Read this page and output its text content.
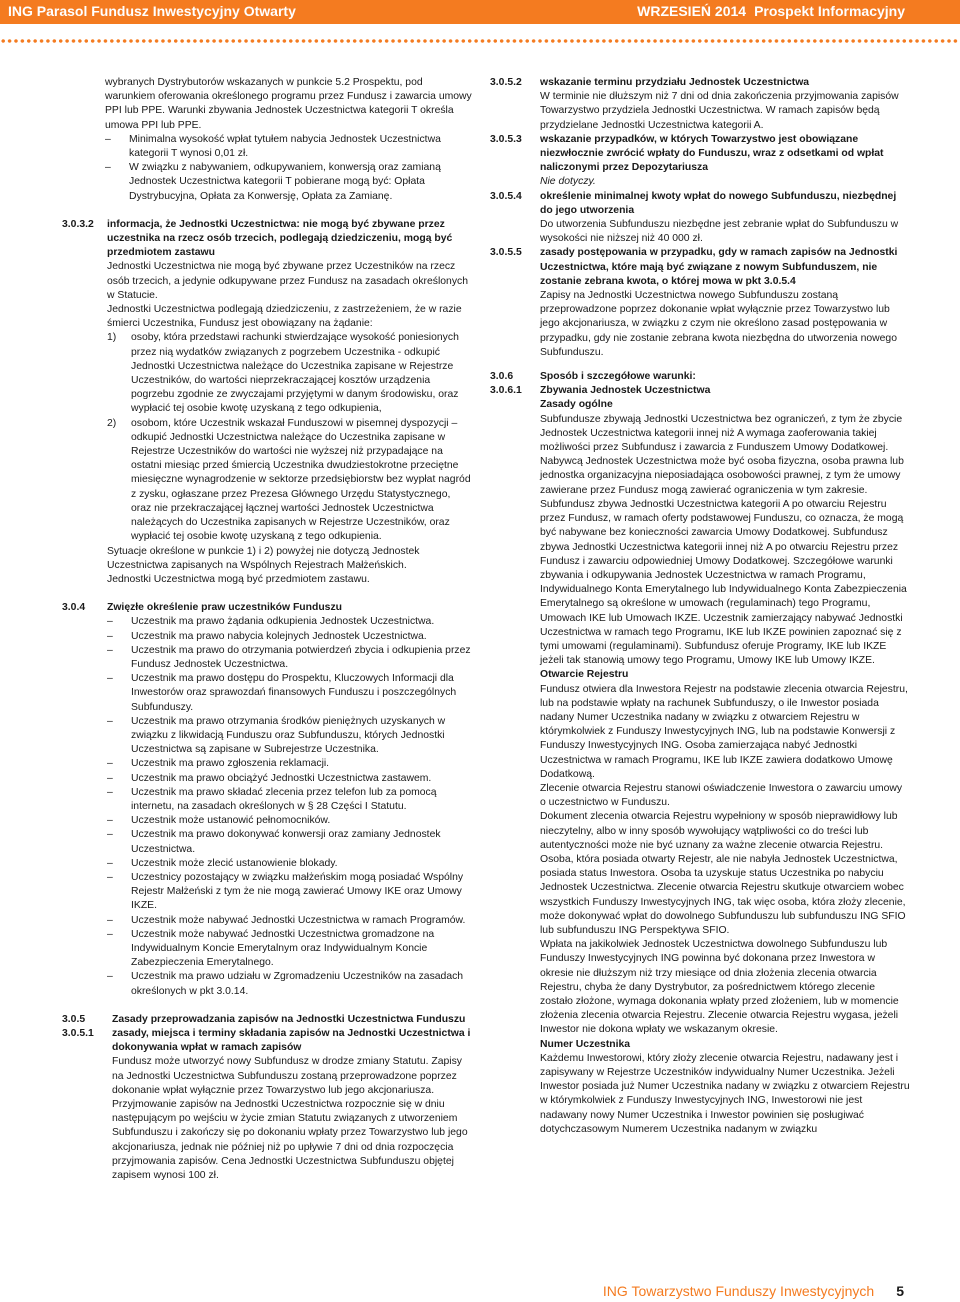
ING Parasol Fundusz Inwestycyjny Otwarty	WRZESIEŃ 2014 Prospekt Informacyjny

wybranych Dystrybutorów wskazanych w punkcie 5.2 Prospektu, pod warunkiem oferowania określonego programu przez Fundusz i zawarcia umowy PPI lub PPE. Warunki zbywania Jednostek Uczestnictwa kategorii T określa umowa PPI lub PPE.

– Minimalna wysokość wpłat tytułem nabycia Jednostek Uczestnictwa kategorii T wynosi 0,01 zł.
– W związku z nabywaniem, odkupywaniem, konwersją oraz zamianą Jednostek Uczestnictwa kategorii T pobierane mogą być: Opłata Dystrybucyjna, Opłata za Konwersję, Opłata za Zamianę.
3.0.3.2 informacja, że Jednostki Uczestnictwa: nie mogą być zbywane przez uczestnika na rzecz osób trzecich, podlegają dziedziczeniu, mogą być przedmiotem zastawu

Jednostki Uczestnictwa nie mogą być zbywane przez Uczestników na rzecz osób trzecich, a jedynie odkupywane przez Fundusz na zasadach określonych w Statucie.

Jednostki Uczestnictwa podlegają dziedziczeniu, z zastrzeżeniem, że w razie śmierci Uczestnika, Fundusz jest obowiązany na żądanie:

1) osoby, która przedstawi rachunki stwierdzające wysokość poniesionych przez nią wydatków związanych z pogrzebem Uczestnika - odkupić Jednostki Uczestnictwa należące do Uczestnika zapisane w Rejestrze Uczestników, do wartości nieprzekraczającej kosztów urządzenia pogrzebu zgodnie ze zwyczajami przyjętymi w danym środowisku, oraz wypłacić tej osobie kwotę uzyskaną z tego odkupienia,
2) osobom, które Uczestnik wskazał Funduszowi w pisemnej dyspozycji – odkupić Jednostki Uczestnictwa należące do Uczestnika zapisane w Rejestrze Uczestników do wartości nie wyższej niż przypadające na ostatni miesiąc przed śmiercią Uczestnika dwudziestokrotne przeciętne miesięczne wynagrodzenie w sektorze przedsiębiorstw bez wypłat nagród z zysku, ogłaszane przez Prezesa Głównego Urzędu Statystycznego, oraz nie przekraczającej łącznej wartości Jednostek Uczestnictwa należących do Uczestnika zapisanych w Rejestrze Uczestników, oraz wypłacić tej osobie kwotę uzyskaną z tego odkupienia.

Sytuacje określone w punkcie 1) i 2) powyżej nie dotyczą Jednostek Uczestnictwa zapisanych na Wspólnych Rejestrach Małżeńskich.

Jednostki Uczestnictwa mogą być przedmiotem zastawu.

3.0.4 Zwięzłe określenie praw uczestników Funduszu

– Uczestnik ma prawo żądania odkupienia Jednostek Uczestnictwa.
– Uczestnik ma prawo nabycia kolejnych Jednostek Uczestnictwa.
– Uczestnik ma prawo do otrzymania potwierdzeń zbycia i odkupienia przez Fundusz Jednostek Uczestnictwa.
– Uczestnik ma prawo dostępu do Prospektu, Kluczowych Informacji dla Inwestorów oraz sprawozdań finansowych Funduszu i poszczególnych Subfunduszy.
– Uczestnik ma prawo otrzymania środków pieniężnych uzyskanych w związku z likwidacją Funduszu oraz Subfunduszu, których Jednostki Uczestnictwa są zapisane w Subrejestrze Uczestnika.
– Uczestnik ma prawo zgłoszenia reklamacji.
– Uczestnik ma prawo obciążyć Jednostki Uczestnictwa zastawem.
– Uczestnik ma prawo składać zlecenia przez telefon lub za pomocą internetu, na zasadach określonych w § 28 Części I Statutu.
– Uczestnik może ustanowić pełnomocników.
– Uczestnik ma prawo dokonywać konwersji oraz zamiany Jednostek Uczestnictwa.
– Uczestnik może zlecić ustanowienie blokady.
– Uczestnicy pozostający w związku małżeńskim mogą posiadać Wspólny Rejestr Małżeński z tym że nie mogą zawierać Umowy IKE oraz Umowy IKZE.
– Uczestnik może nabywać Jednostki Uczestnictwa w ramach Programów.
– Uczestnik może nabywać Jednostki Uczestnictwa gromadzone na Indywidualnym Koncie Emerytalnym oraz Indywidualnym Koncie Zabezpieczenia Emerytalnego.
– Uczestnik ma prawo udziału w Zgromadzeniu Uczestników na zasadach określonych w pkt 3.0.14.
3.0.5	Zasady przeprowadzania zapisów na Jednostki Uczestnictwa Funduszu

3.0.5.1 zasady, miejsca i terminy składania zapisów na Jednostki Uczestnictwa i dokonywania wpłat w ramach zapisów

Fundusz może utworzyć nowy Subfundusz w drodze zmiany Statutu. Zapisy na Jednostki Uczestnictwa Subfunduszu zostaną przeprowadzone poprzez dokonanie wpłat wyłącznie przez Towarzystwo lub jego akcjonariusza. Przyjmowanie zapisów na Jednostki Uczestnictwa rozpocznie się w dniu następującym po wejściu w życie zmian Statutu związanych z utworzeniem Subfunduszu i zakończy się po dokonaniu wpłaty przez Towarzystwo lub jego akcjonariusza, jednak nie później niż po upływie 7 dni od dnia rozpoczęcia przyjmowania zapisów. Cena Jednostki Uczestnictwa Subfunduszu objętej zapisem wynosi 100 zł.

3.0.5.2 wskazanie terminu przydziału Jednostek Uczestnictwa

W terminie nie dłuższym niż 7 dni od dnia zakończenia przyjmowania zapisów Towarzystwo przydziela Jednostki Uczestnictwa. W ramach zapisów będą przydzielane Jednostki Uczestnictwa kategorii A.

3.0.5.3 wskazanie przypadków, w których Towarzystwo jest obowiązane niezwłocznie zwrócić wpłaty do Funduszu, wraz z odsetkami od wpłat naliczonymi przez Depozytariusza

Nie dotyczy.

3.0.5.4 określenie minimalnej kwoty wpłat do nowego Subfunduszu, niezbędnej do jego utworzenia

Do utworzenia Subfunduszu niezbędne jest zebranie wpłat do Subfunduszu w wysokości nie niższej niż 40 000 zł.

3.0.5.5 zasady postępowania w przypadku, gdy w ramach zapisów na Jednostki Uczestnictwa, które mają być związane z nowym Subfunduszem, nie zostanie zebrana kwota, o której mowa w pkt 3.0.5.4

Zapisy na Jednostki Uczestnictwa nowego Subfunduszu zostaną przeprowadzone poprzez dokonanie wpłat wyłącznie przez Towarzystwo lub jego akcjonariusza, w związku z czym nie określono zasad postępowania w przypadku, gdy nie zostanie zebrana kwota niezbędna do utworzenia nowego Subfunduszu.

3.0.6	Sposób i szczegółowe warunki:

3.0.6.1 Zbywania Jednostek Uczestnictwa

Zasady ogólne

Subfundusze zbywają Jednostki Uczestnictwa bez ograniczeń, z tym że zbycie Jednostek Uczestnictwa kategorii innej niż A wymaga zaoferowania takiej możliwości przez Subfundusz i zawarcia z Funduszem Umowy Dodatkowej. Nabywcą Jednostek Uczestnictwa może być osoba fizyczna, osoba prawna lub jednostka organizacyjna nieposiadająca osobowości prawnej, z tym że umowy zawierane przez Fundusz mogą zawierać ograniczenia w tym zakresie.

Subfundusz zbywa Jednostki Uczestnictwa kategorii A po otwarciu Rejestru przez Fundusz, w ramach oferty podstawowej Funduszu, co oznacza, że mogą być nabywane bez konieczności zawarcia Umowy Dodatkowej. Subfundusz zbywa Jednostki Uczestnictwa kategorii innej niż A po otwarciu Rejestru przez Fundusz i zawarciu odpowiedniej Umowy Dodatkowej. Szczegółowe warunki zbywania i odkupywania Jednostek Uczestnictwa w ramach Programu, Indywidualnego Konta Emerytalnego lub Indywidualnego Konta Zabezpieczenia Emerytalnego są określone w umowach (regulaminach) tego Programu, Umowach IKE lub Umowach IKZE. Uczestnik zamierzający nabywać Jednostki Uczestnictwa w ramach tego Programu, IKE lub IKZE powinien zapoznać się z tymi umowami (regulaminami). Subfundusz oferuje Programy, IKE lub IKZE jeżeli tak stanowią umowy tego Programu, Umowy IKE lub Umowy IKZE.

Otwarcie Rejestru

Fundusz otwiera dla Inwestora Rejestr na podstawie zlecenia otwarcia Rejestru, lub na podstawie wpłaty na rachunek Subfunduszy, o ile Inwestor posiada nadany Numer Uczestnika nadany w związku z otwarciem Rejestru w którymkolwiek z Funduszy Inwestycyjnych ING, lub na podstawie Konwersji z Funduszy Inwestycyjnych ING. Osoba zamierzająca nabyć Jednostki Uczestnictwa w ramach Programu, IKE lub IKZE zawiera dodatkowo Umowę Dodatkową.

Zlecenie otwarcia Rejestru stanowi oświadczenie Inwestora o zawarciu umowy o uczestnictwo w Funduszu.

Dokument zlecenia otwarcia Rejestru wypełniony w sposób nieprawidłowy lub nieczytelny, albo w inny sposób wywołujący wątpliwości co do treści lub autentyczności może nie być uznany za ważne zlecenie otwarcia Rejestru.

Osoba, która posiada otwarty Rejestr, ale nie nabyła Jednostek Uczestnictwa, posiada status Inwestora. Osoba ta uzyskuje status Uczestnika po nabyciu Jednostek Uczestnictwa. Zlecenie otwarcia Rejestru skutkuje otwarciem wobec wszystkich Funduszy Inwestycyjnych ING, tak więc osoba, która złoży zlecenie, może dokonywać wpłat do dowolnego Subfunduszu lub subfunduszu ING SFIO lub subfunduszu ING Perspektywa SFIO.

Wpłata na jakikolwiek Jednostek Uczestnictwa dowolnego Subfunduszu lub Funduszy Inwestycyjnych ING powinna być dokonana przez Inwestora w okresie nie dłuższym niż trzy miesiące od dnia złożenia zlecenia otwarcia Rejestru, chyba że dany Dystrybutor, za pośrednictwem którego zlecenie zostało złożone, wymaga dokonania wpłaty przed złożeniem, lub w momencie złożenia zlecenia otwarcia Rejestru. Zlecenie otwarcia Rejestru wygasa, jeżeli Inwestor nie dokona wpłaty we wskazanym okresie.

Numer Uczestnika

Każdemu Inwestorowi, który złoży zlecenie otwarcia Rejestru, nadawany jest i zapisywany w Rejestrze Uczestników indywidualny Numer Uczestnika. Jeżeli Inwestor posiada już Numer Uczestnika nadany w związku z otwarciem Rejestru w którymkolwiek z Funduszy Inwestycyjnych ING, Inwestorowi nie jest nadawany nowy Numer Uczestnika i Inwestor powinien się posługiwać dotychczasowym Numerem Uczestnika nadanym w związku

ING Towarzystwo Funduszy Inwestycyjnych 5
